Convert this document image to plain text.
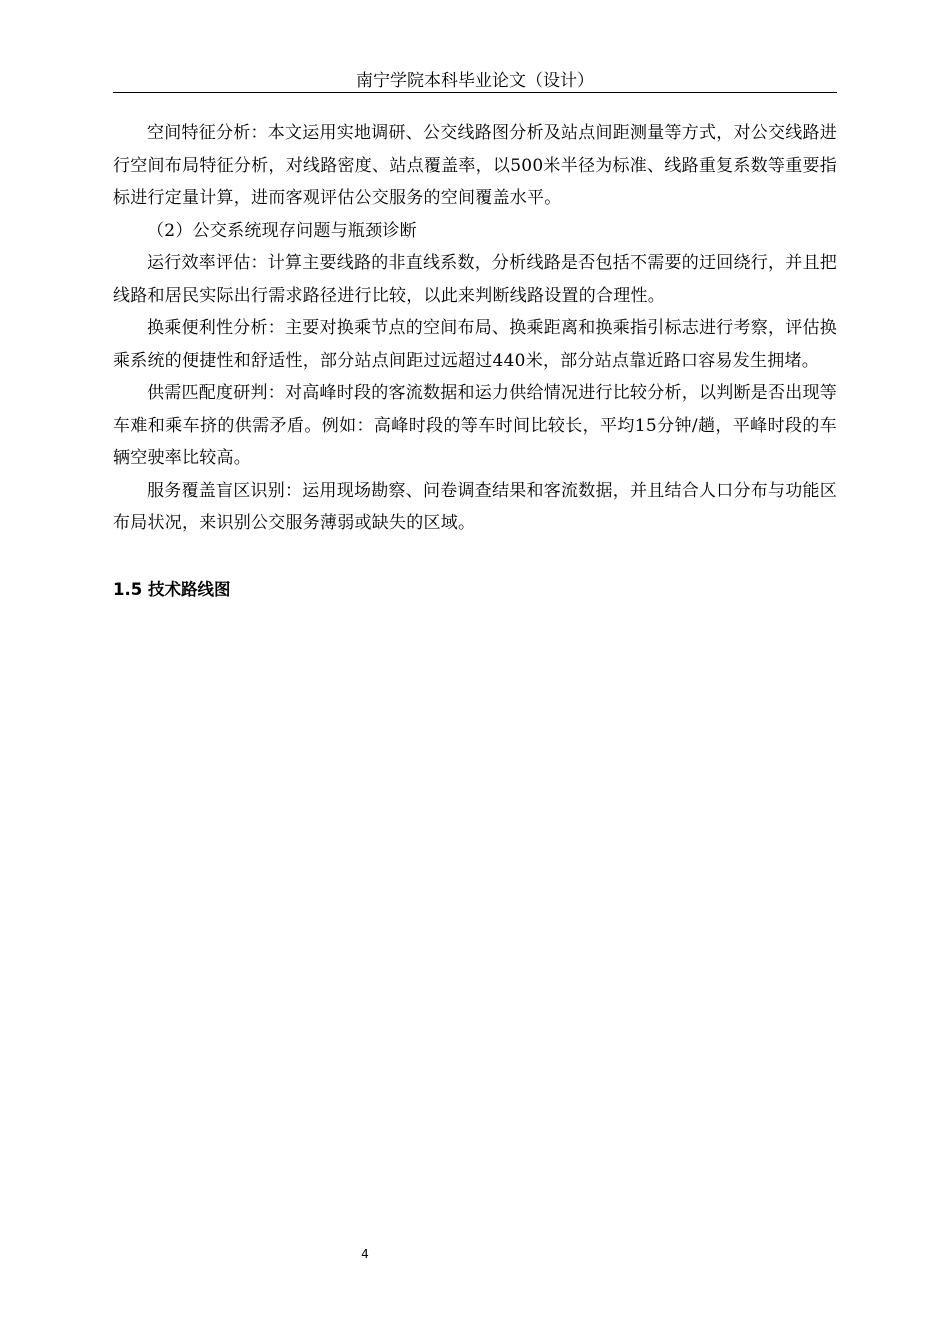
南宁学院本科毕业论文（设计）

空间特征分析：本文运用实地调研、公交线路图分析及站点间距测量等方式，对公交线路进行空间布局特征分析，对线路密度、站点覆盖率，以500米半径为标准、线路重复系数等重要指标进行定量计算，进而客观评估公交服务的空间覆盖水平。

（2）公交系统现存问题与瓶颈诊断

运行效率评估：计算主要线路的非直线系数，分析线路是否包括不需要的迂回绕行，并且把线路和居民实际出行需求路径进行比较，以此来判断线路设置的合理性。

换乘便利性分析：主要对换乘节点的空间布局、换乘距离和换乘指引标志进行考察，评估换乘系统的便捷性和舒适性，部分站点间距过远超过440米，部分站点靠近路口容易发生拥堵。

供需匹配度研判：对高峰时段的客流数据和运力供给情况进行比较分析，以判断是否出现等车难和乘车挤的供需矛盾。例如：高峰时段的等车时间比较长，平均15分钟/趟，平峰时段的车辆空驶率比较高。

服务覆盖盲区识别：运用现场勘察、问卷调查结果和客流数据，并且结合人口分布与功能区布局状况，来识别公交服务薄弱或缺失的区域。

1.5 技术路线图
4
